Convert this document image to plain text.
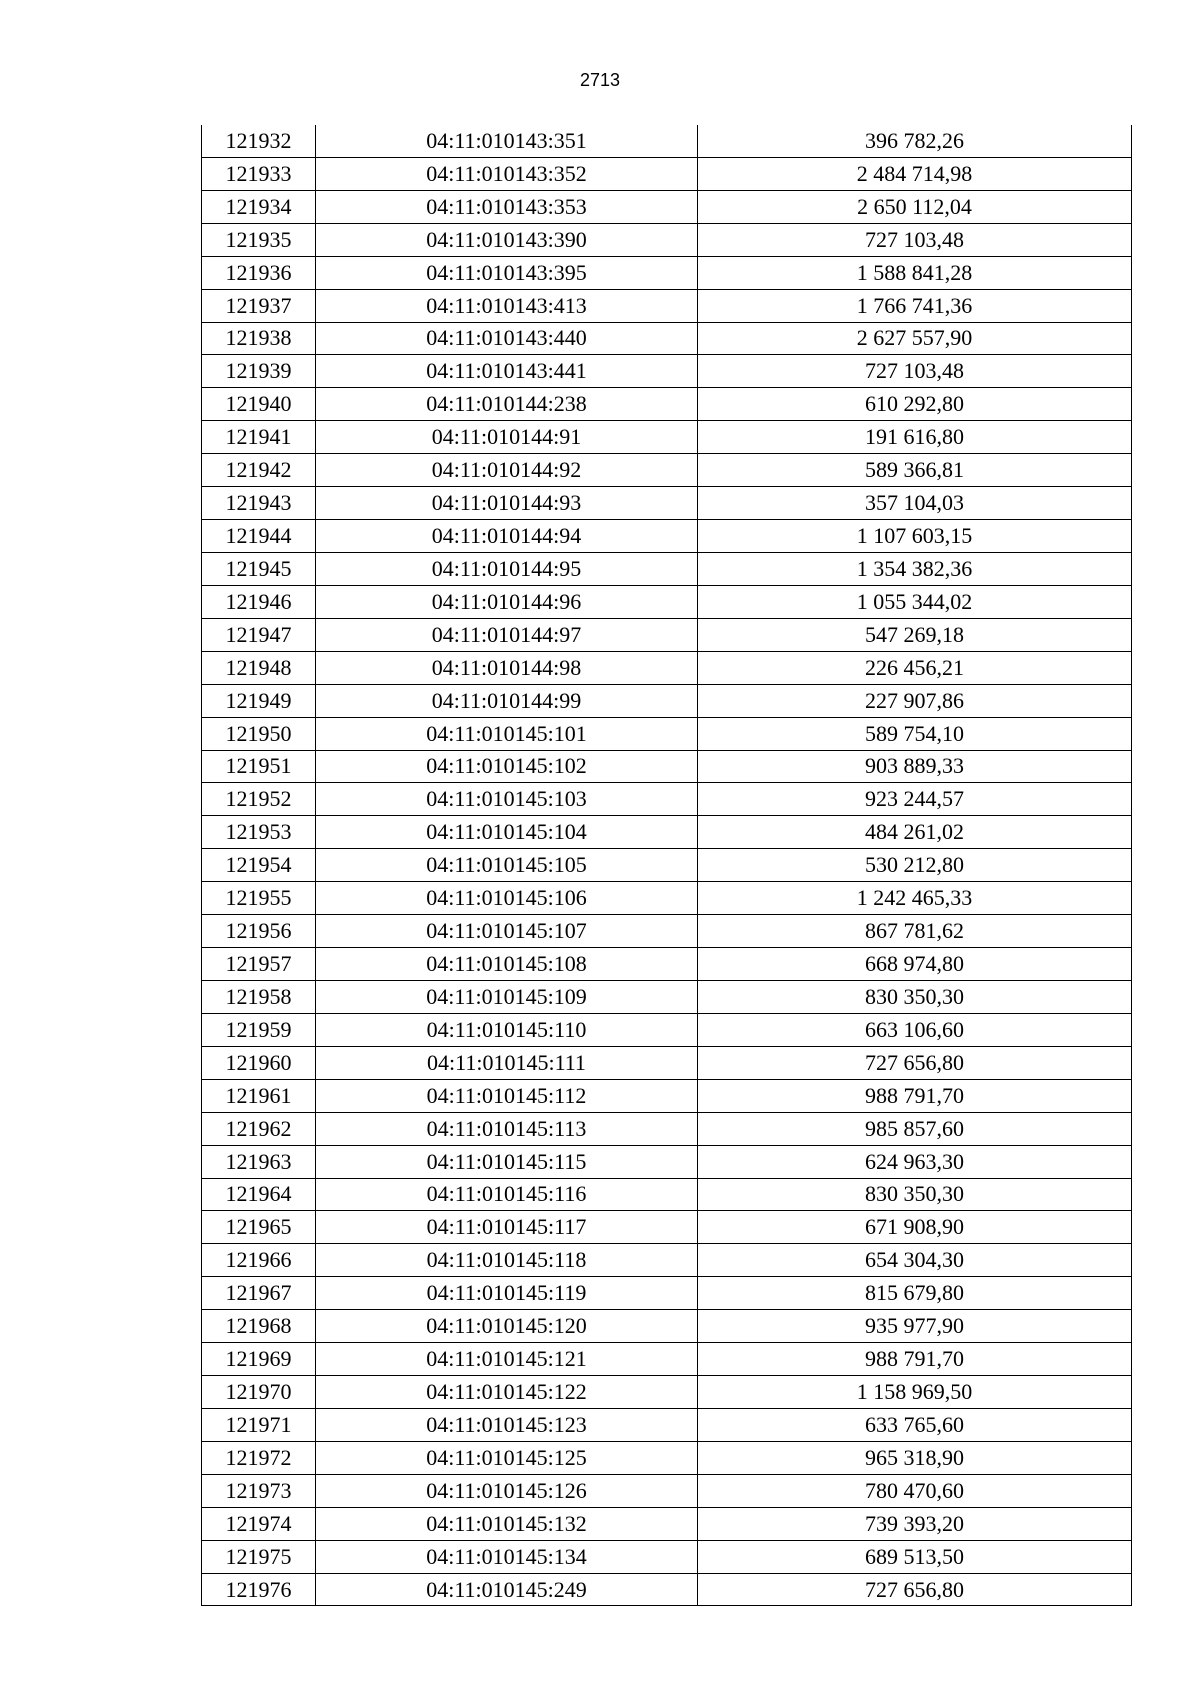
2713
121932	04:11:010143:351	396 782,26
121933	04:11:010143:352	2 484 714,98
121934	04:11:010143:353	2 650 112,04
121935	04:11:010143:390	727 103,48
121936	04:11:010143:395	1 588 841,28
121937	04:11:010143:413	1 766 741,36
121938	04:11:010143:440	2 627 557,90
121939	04:11:010143:441	727 103,48
121940	04:11:010144:238	610 292,80
121941	04:11:010144:91	191 616,80
121942	04:11:010144:92	589 366,81
121943	04:11:010144:93	357 104,03
121944	04:11:010144:94	1 107 603,15
121945	04:11:010144:95	1 354 382,36
121946	04:11:010144:96	1 055 344,02
121947	04:11:010144:97	547 269,18
121948	04:11:010144:98	226 456,21
121949	04:11:010144:99	227 907,86
121950	04:11:010145:101	589 754,10
121951	04:11:010145:102	903 889,33
121952	04:11:010145:103	923 244,57
121953	04:11:010145:104	484 261,02
121954	04:11:010145:105	530 212,80
121955	04:11:010145:106	1 242 465,33
121956	04:11:010145:107	867 781,62
121957	04:11:010145:108	668 974,80
121958	04:11:010145:109	830 350,30
121959	04:11:010145:110	663 106,60
121960	04:11:010145:111	727 656,80
121961	04:11:010145:112	988 791,70
121962	04:11:010145:113	985 857,60
121963	04:11:010145:115	624 963,30
121964	04:11:010145:116	830 350,30
121965	04:11:010145:117	671 908,90
121966	04:11:010145:118	654 304,30
121967	04:11:010145:119	815 679,80
121968	04:11:010145:120	935 977,90
121969	04:11:010145:121	988 791,70
121970	04:11:010145:122	1 158 969,50
121971	04:11:010145:123	633 765,60
121972	04:11:010145:125	965 318,90
121973	04:11:010145:126	780 470,60
121974	04:11:010145:132	739 393,20
121975	04:11:010145:134	689 513,50
121976	04:11:010145:249	727 656,80
